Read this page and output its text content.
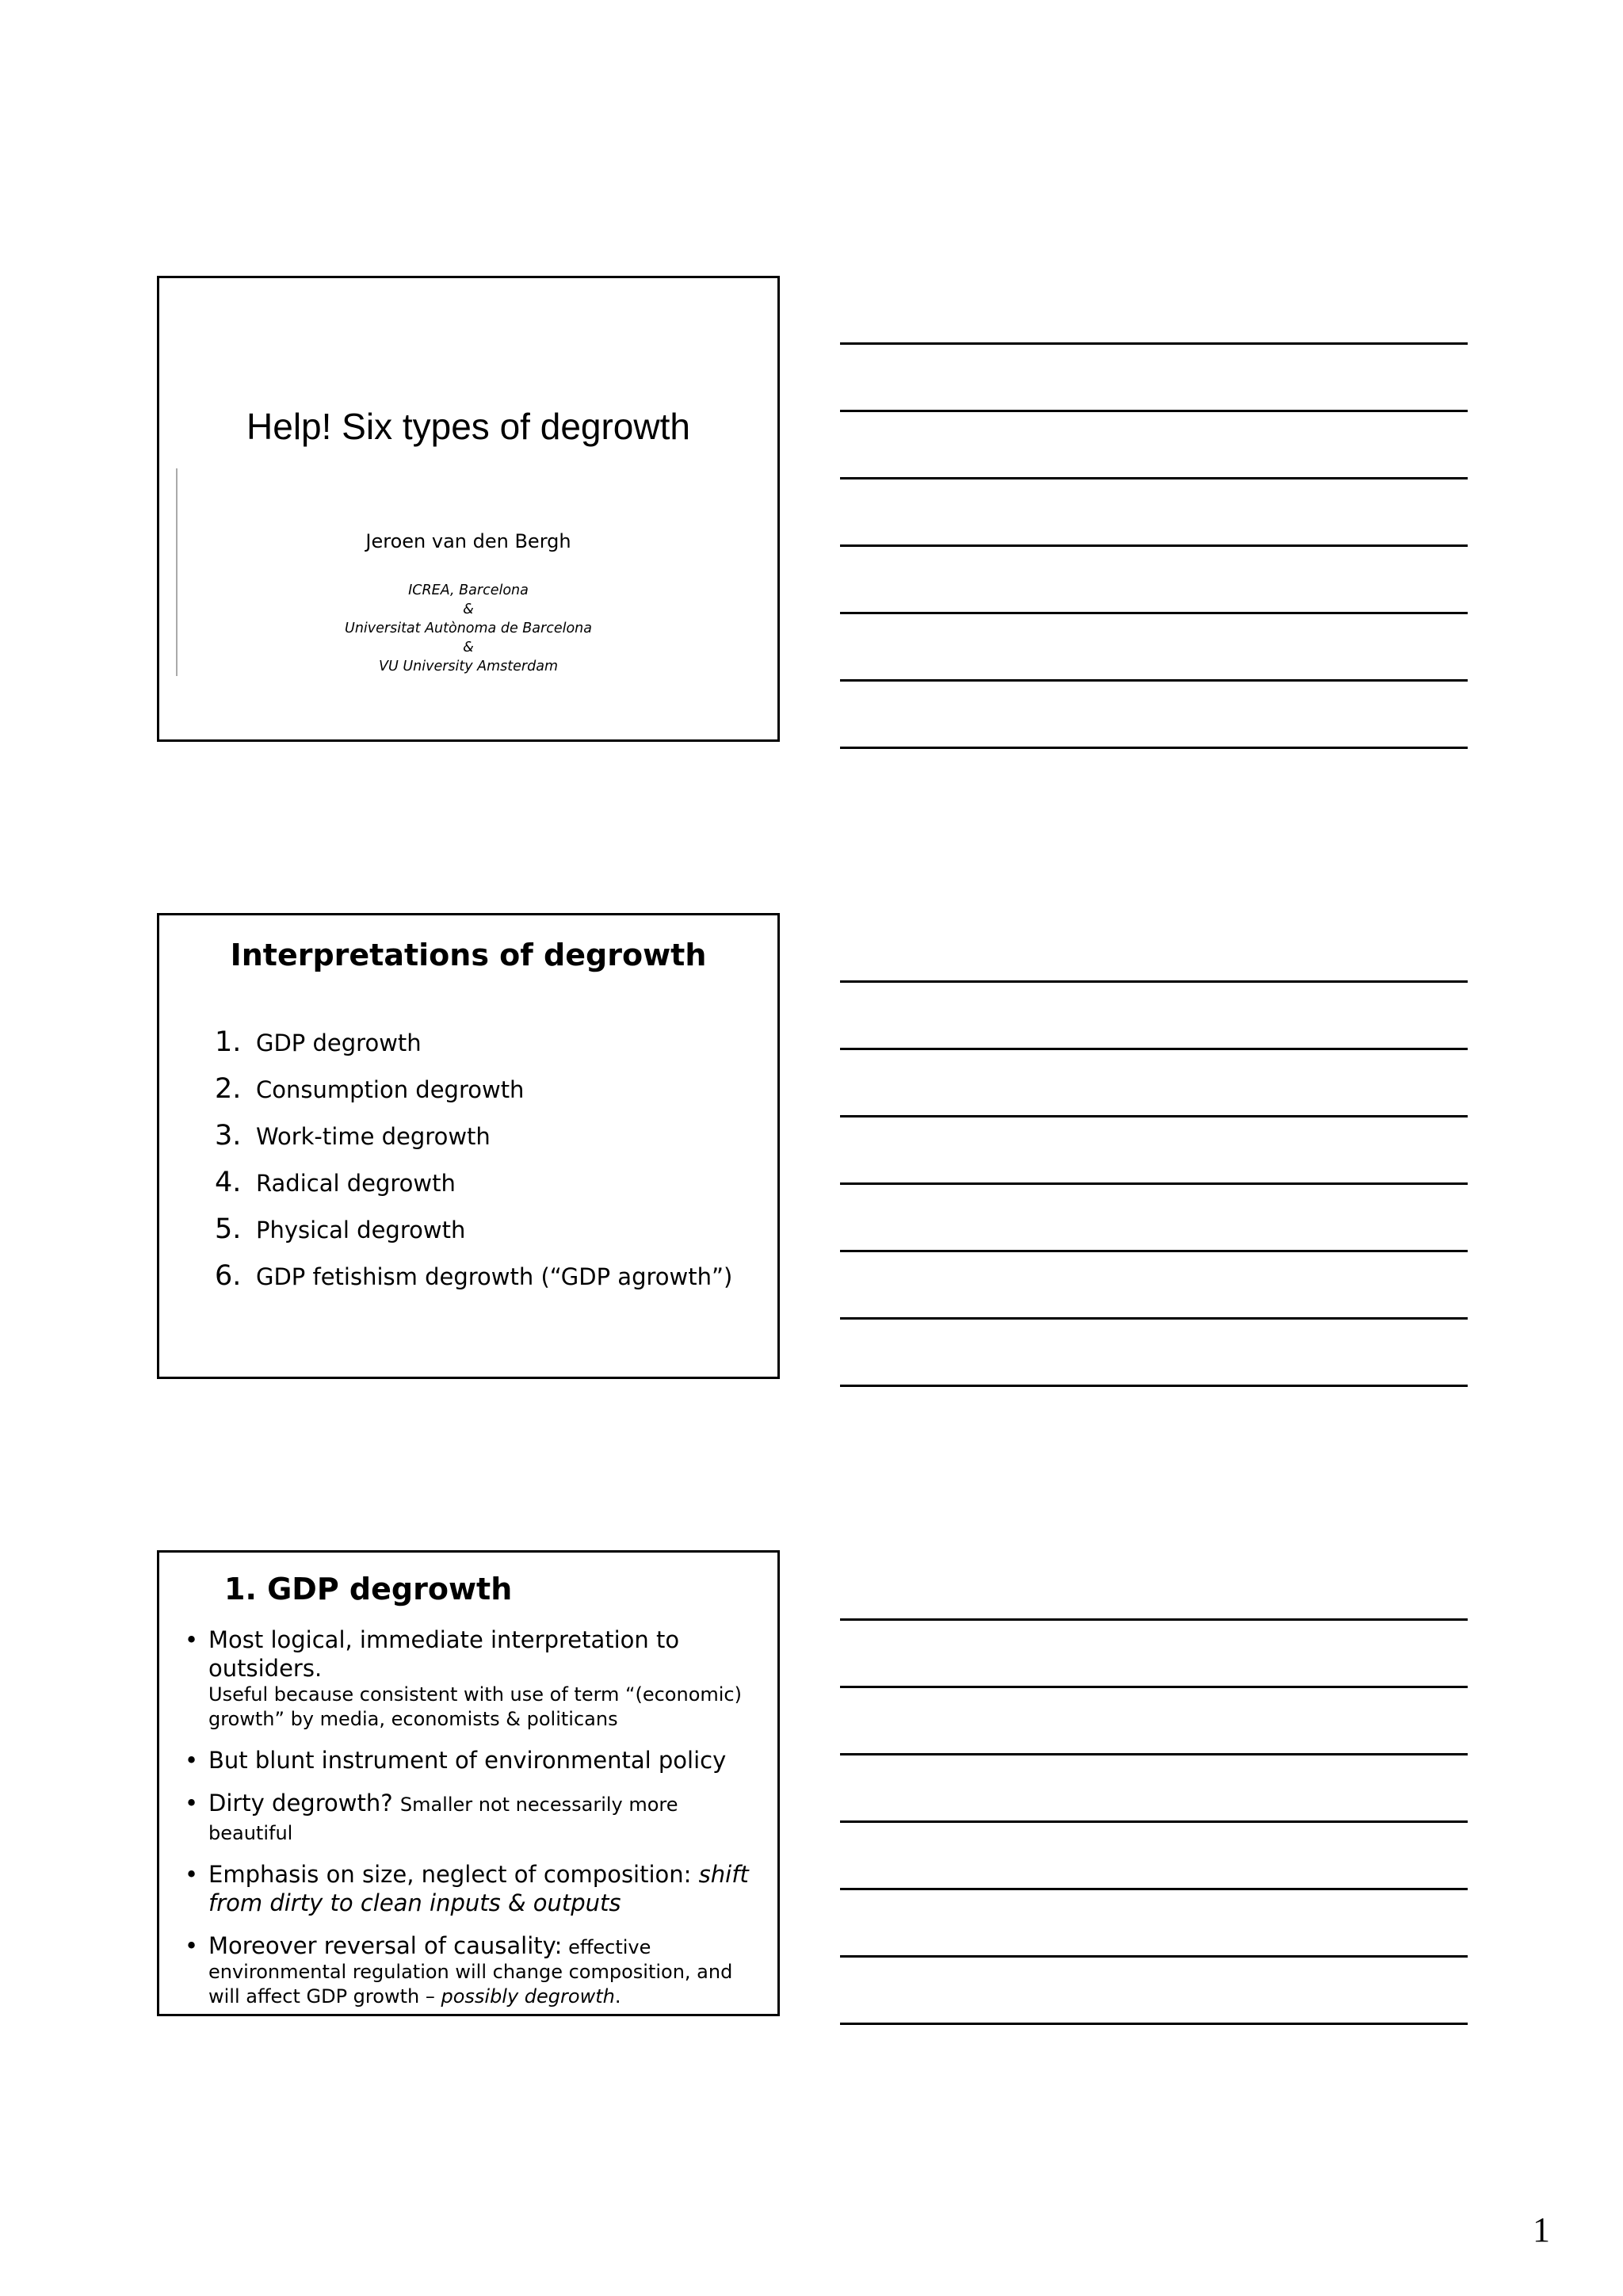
Help! Six types of degrowth
Jeroen van den Bergh
ICREA, Barcelona
&
Universitat Autònoma de Barcelona
&
VU University Amsterdam
Interpretations of degrowth
1. GDP degrowth
2. Consumption degrowth
3. Work-time degrowth
4. Radical degrowth
5. Physical degrowth
6. GDP fetishism degrowth (“GDP agrowth”)
1. GDP degrowth
• Most logical, immediate interpretation to outsiders.
Useful because consistent with use of term “(economic) growth” by media, economists & politicans
• But blunt instrument of environmental policy
• Dirty degrowth? Smaller not necessarily more beautiful
• Emphasis on size, neglect of composition: shift from dirty to clean inputs & outputs
• Moreover reversal of causality: effective environmental regulation will change composition, and will affect GDP growth – possibly degrowth.
1
